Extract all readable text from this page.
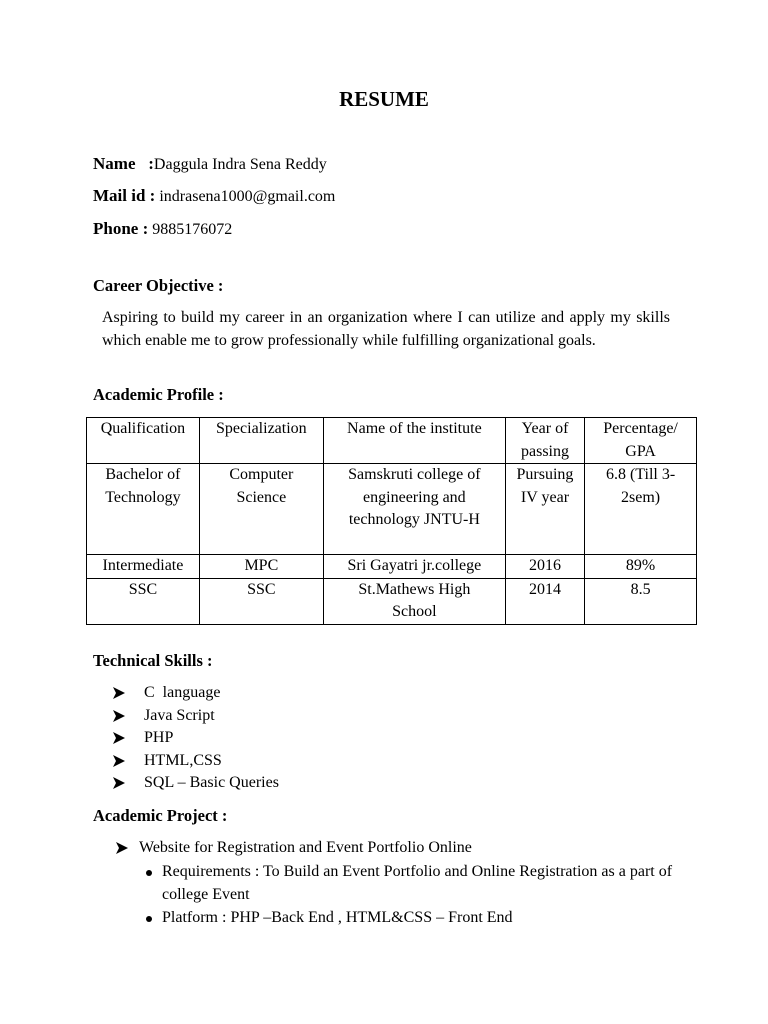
RESUME
Name   :Daggula Indra Sena Reddy
Mail id : indrasena1000@gmail.com
Phone : 9885176072
Career Objective :
Aspiring to build my career in an organization where I can utilize and apply my skills which enable me to grow professionally while fulfilling organizational goals.
Academic Profile :
Qualification	Specialization	Name of the institute	Year of passing	Percentage/ GPA
Bachelor of Technology	Computer Science	Samskruti college of engineering and technology JNTU-H	Pursuing IV year	6.8 (Till 3-2sem)
Intermediate	MPC	Sri Gayatri jr.college	2016	89%
SSC	SSC	St.Mathews High School	2014	8.5
Technical Skills :
C  language
Java Script
PHP
HTML,CSS
SQL – Basic Queries
Academic Project :
Website for Registration and Event Portfolio Online
Requirements : To Build an Event Portfolio and Online Registration as a part of college Event
Platform : PHP –Back End , HTML&CSS – Front End
